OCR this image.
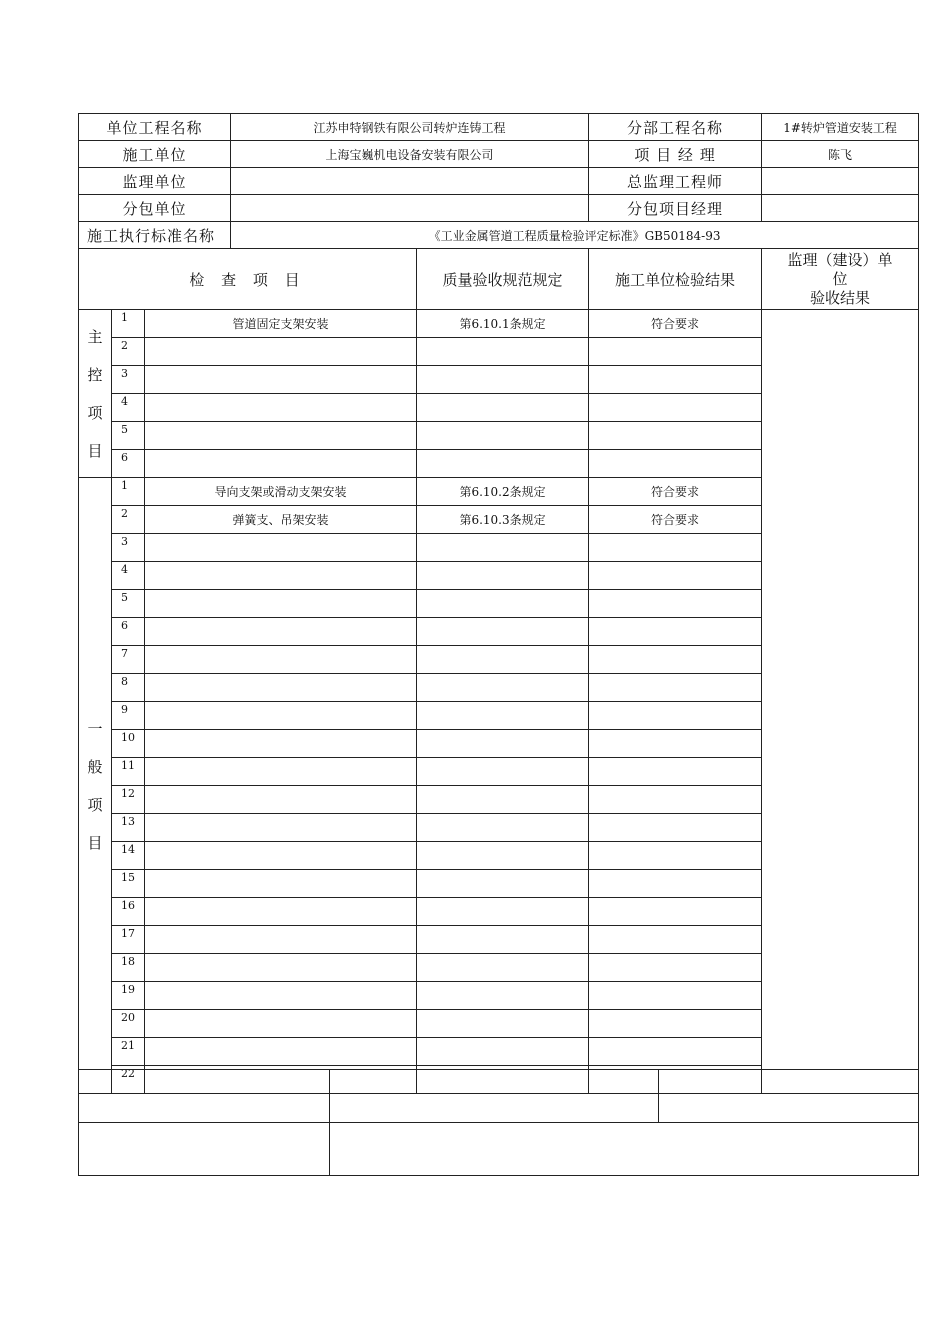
单位工程名称			江苏申特钢铁有限公司转炉连铸工程		分部工程名称	1#转炉管道安装工程
施工单位			上海宝巍机电设备安装有限公司		项 目 经 理	陈飞
监理单位					总监理工程师	
分包单位					分包项目经理	
施工执行标准名称			《工业金属管道工程质量检验评定标准》GB50184-93			
检 查 项 目				质量验收规范规定	施工单位检验结果	监理（建设）单
位
验收结果

主
控
项
目	1	管道固定支架安装		第6.10.1条规定	符合要求	
	2					
	3					
	4					
	5					
	6					

一
般
项
目	1	导向支架或滑动支架安装		第6.10.2条规定	符合要求	
	2	弹簧支、吊架安装		第6.10.3条规定	符合要求	
	3					
	4					
	5					
	6					
	7					
	8					
	9					
	10					
	11					
	12					
	13					
	14					
	15					
	16					
	17					
	18					
	19					
	20					
	21					
	22					
